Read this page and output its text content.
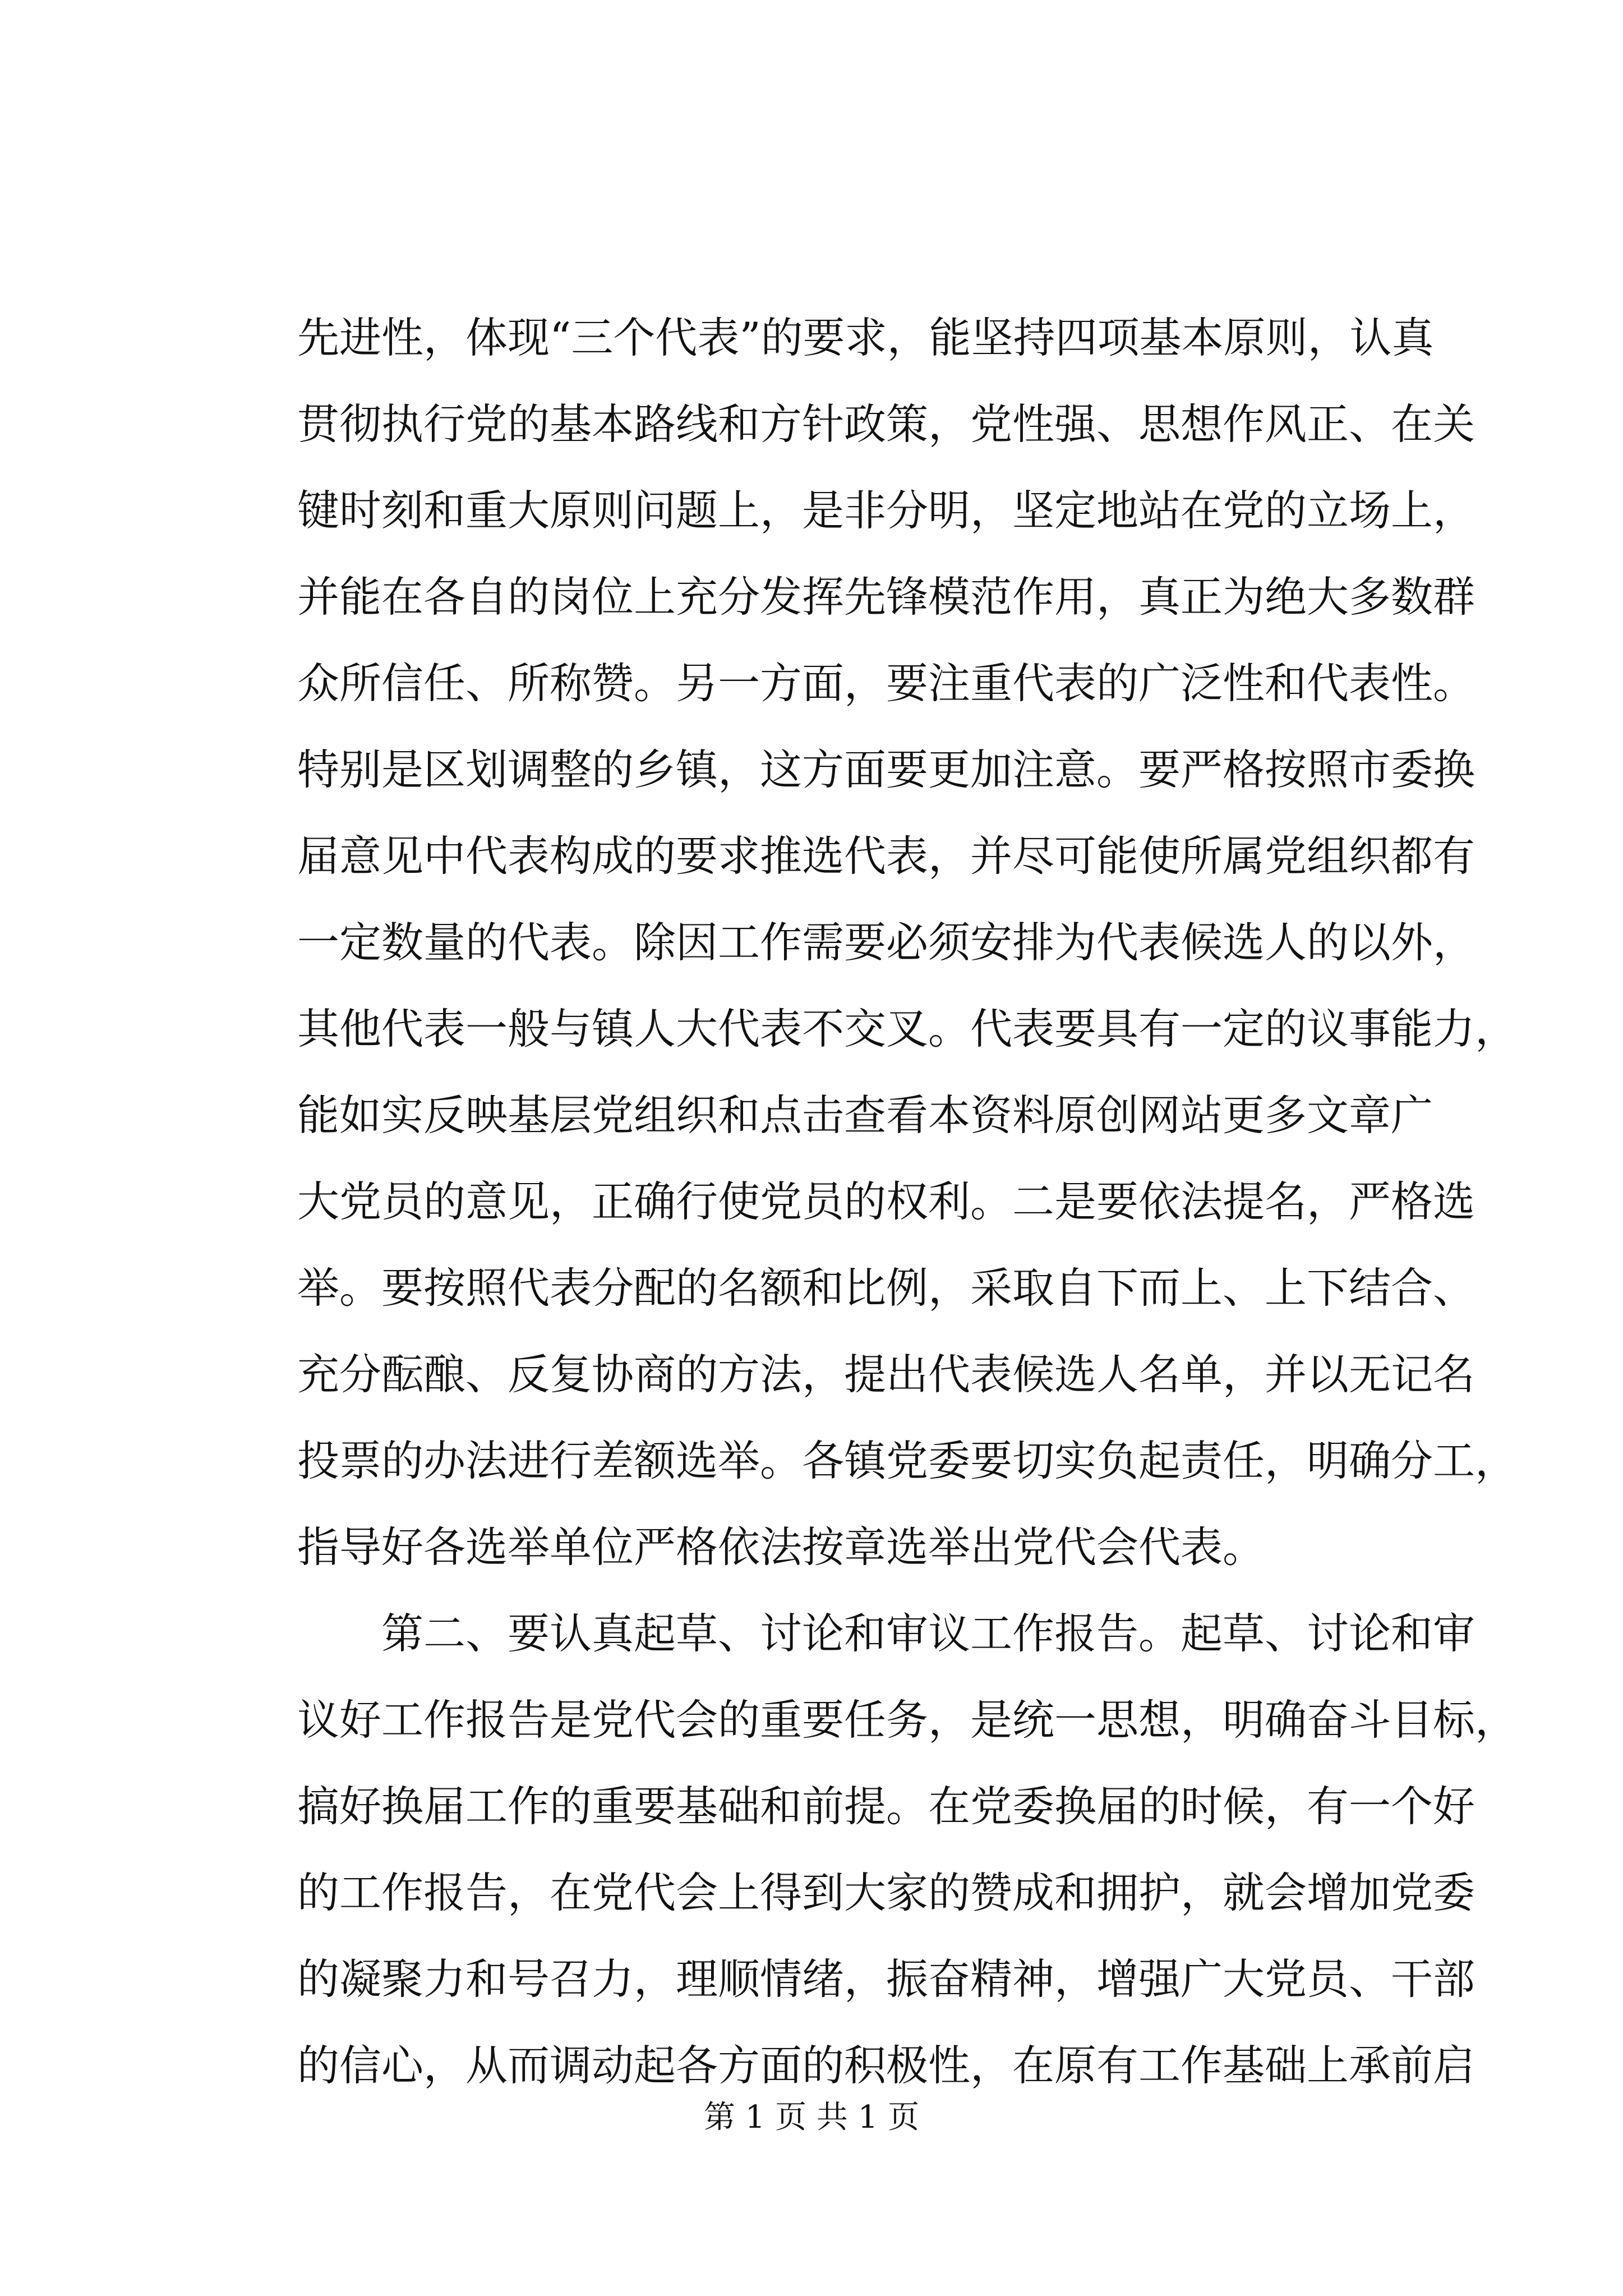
先进性，体现“三个代表”的要求，能坚持四项基本原则，认真
贯彻执行党的基本路线和方针政策，党性强、思想作风正、在关
键时刻和重大原则问题上，是非分明，坚定地站在党的立场上，
并能在各自的岗位上充分发挥先锋模范作用，真正为绝大多数群
众所信任、所称赞。另一方面，要注重代表的广泛性和代表性。
特别是区划调整的乡镇，这方面要更加注意。要严格按照市委换
届意见中代表构成的要求推选代表，并尽可能使所属党组织都有
一定数量的代表。除因工作需要必须安排为代表候选人的以外，
其他代表一般与镇人大代表不交叉。代表要具有一定的议事能力，
能如实反映基层党组织和点击查看本资料原创网站更多文章广
大党员的意见，正确行使党员的权利。二是要依法提名，严格选
举。要按照代表分配的名额和比例，采取自下而上、上下结合、
充分酝酿、反复协商的方法，提出代表候选人名单，并以无记名
投票的办法进行差额选举。各镇党委要切实负起责任，明确分工，
指导好各选举单位严格依法按章选举出党代会代表。
第二、要认真起草、讨论和审议工作报告。起草、讨论和审
议好工作报告是党代会的重要任务，是统一思想，明确奋斗目标，
搞好换届工作的重要基础和前提。在党委换届的时候，有一个好
的工作报告，在党代会上得到大家的赞成和拥护，就会增加党委
的凝聚力和号召力，理顺情绪，振奋精神，增强广大党员、干部
的信心，从而调动起各方面的积极性，在原有工作基础上承前启
第 1 页 共 1 页
